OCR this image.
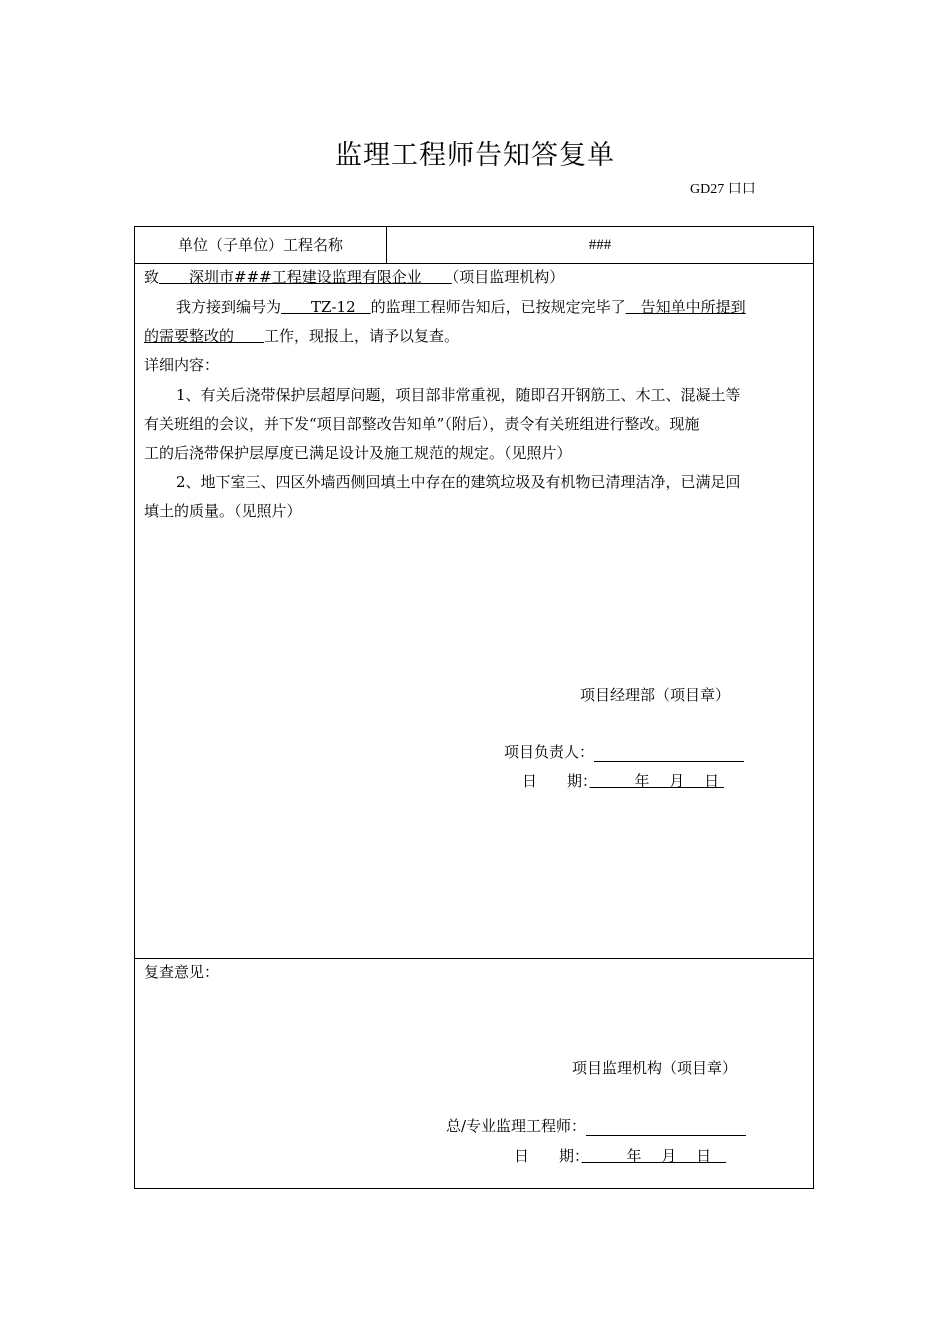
监理工程师告知答复单
GD27 口口
单位（子单位）工程名称	###
致　　 深圳市###工程建设监理有限企业　　 （项目监理机构）
我方接到编号为　　 TZ-12　 的监理工程师告知后，已按规定完毕了　 告知单中所提到
的需要整改的　　 工作，现报上，请予以复查。
详细内容：
1、有关后浇带保护层超厚问题，项目部非常重视，随即召开钢筋工、木工、混凝土等
有关班组的会议，并下发“项目部整改告知单”（附后），责令有关班组进行整改。现施
工的后浇带保护层厚度已满足设计及施工规范的规定。（见照片）
2、地下室三、四区外墙西侧回填土中存在的建筑垃圾及有机物已清理洁净，已满足回
填土的质量。（见照片）
项目经理部（项目章）
项目负责人：
日　　期：　　　	年　 月　 日
复查意见：
项目监理机构（项目章）
总/专业监理工程师：
日　　期：　　　	年　 月　 日　
